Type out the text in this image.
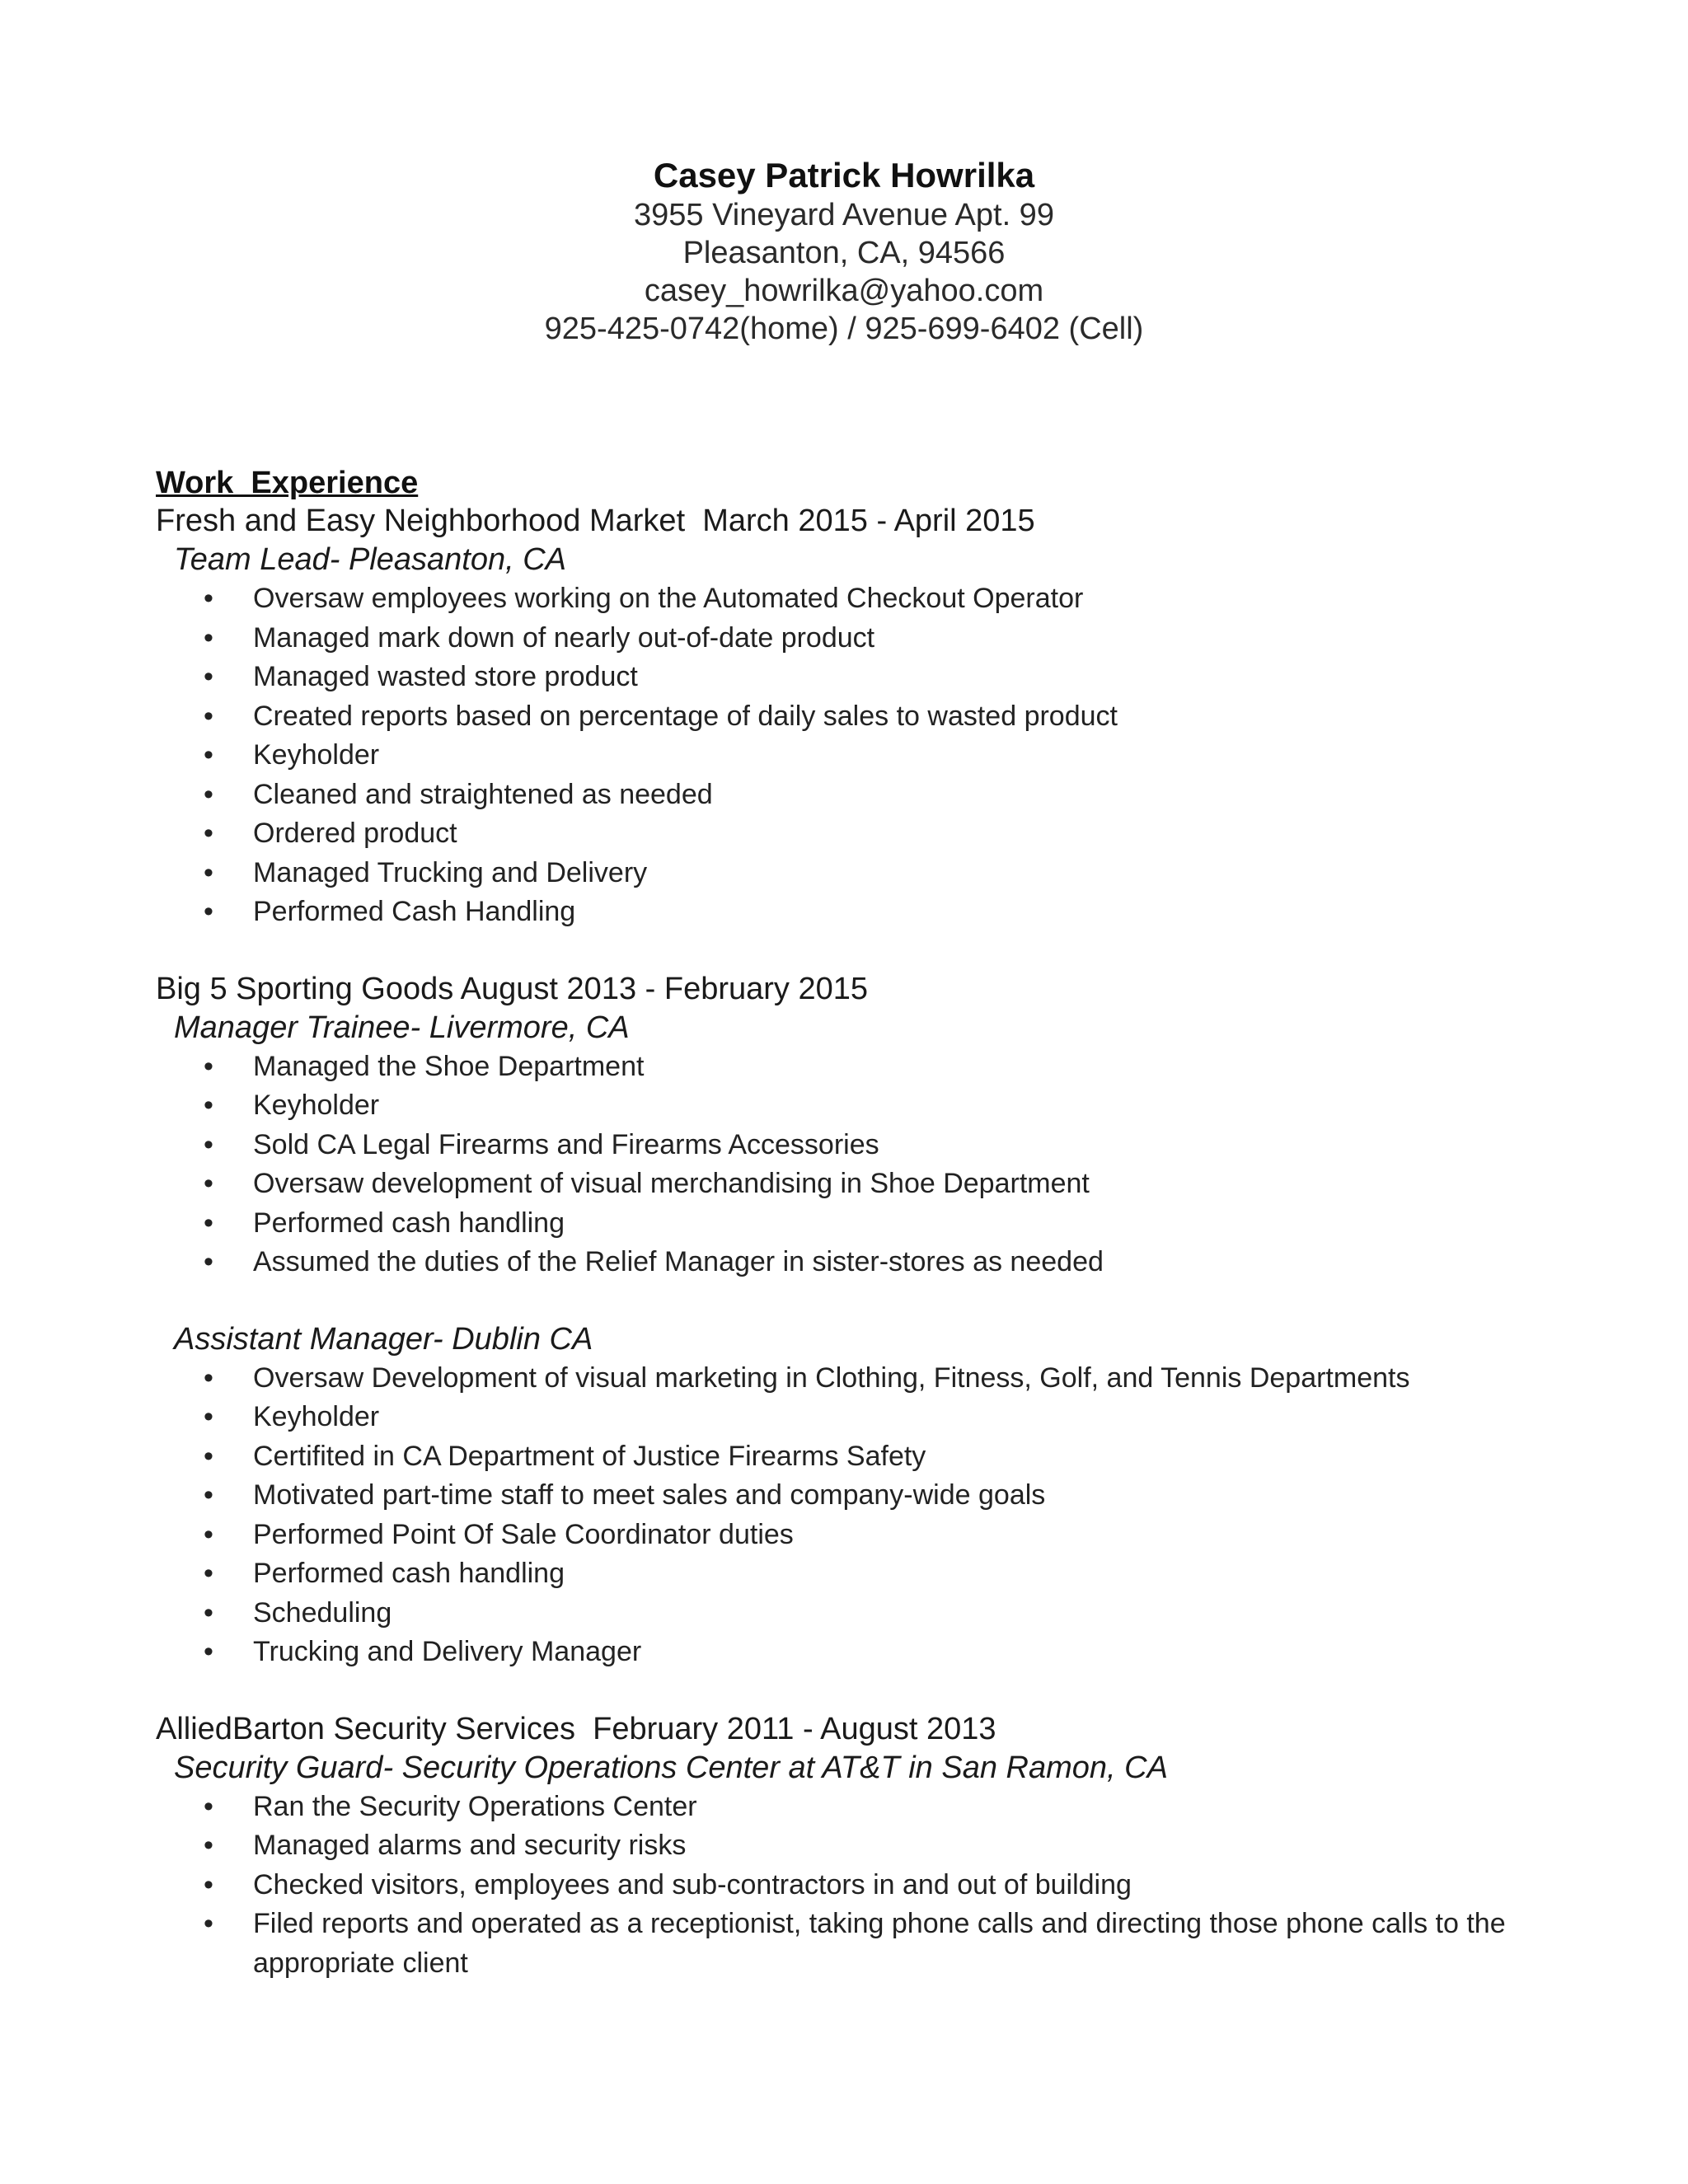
Casey Patrick Howrilka
3955 Vineyard Avenue Apt. 99
Pleasanton, CA, 94566
casey_howrilka@yahoo.com
925-425-0742(home) / 925-699-6402 (Cell)
Work  Experience
Fresh and Easy Neighborhood Market  March 2015 - April 2015
Team Lead- Pleasanton, CA
• Oversaw employees working on the Automated Checkout Operator
• Managed mark down of nearly out-of-date product
• Managed wasted store product
• Created reports based on percentage of daily sales to wasted product
• Keyholder
• Cleaned and straightened as needed
• Ordered product
• Managed Trucking and Delivery
• Performed Cash Handling
Big 5 Sporting Goods August 2013 - February 2015
Manager Trainee- Livermore, CA
• Managed the Shoe Department
• Keyholder
• Sold CA Legal Firearms and Firearms Accessories
• Oversaw development of visual merchandising in Shoe Department
• Performed cash handling
• Assumed the duties of the Relief Manager in sister-stores as needed
Assistant Manager- Dublin CA
• Oversaw Development of visual marketing in Clothing, Fitness, Golf, and Tennis Departments
• Keyholder
• Certifited in CA Department of Justice Firearms Safety
• Motivated part-time staff to meet sales and company-wide goals
• Performed Point Of Sale Coordinator duties
• Performed cash handling
• Scheduling
• Trucking and Delivery Manager
AlliedBarton Security Services  February 2011 - August 2013
Security Guard- Security Operations Center at AT&T in San Ramon, CA
• Ran the Security Operations Center
• Managed alarms and security risks
• Checked visitors, employees and sub-contractors in and out of building
• Filed reports and operated as a receptionist, taking phone calls and directing those phone calls to the appropriate client
